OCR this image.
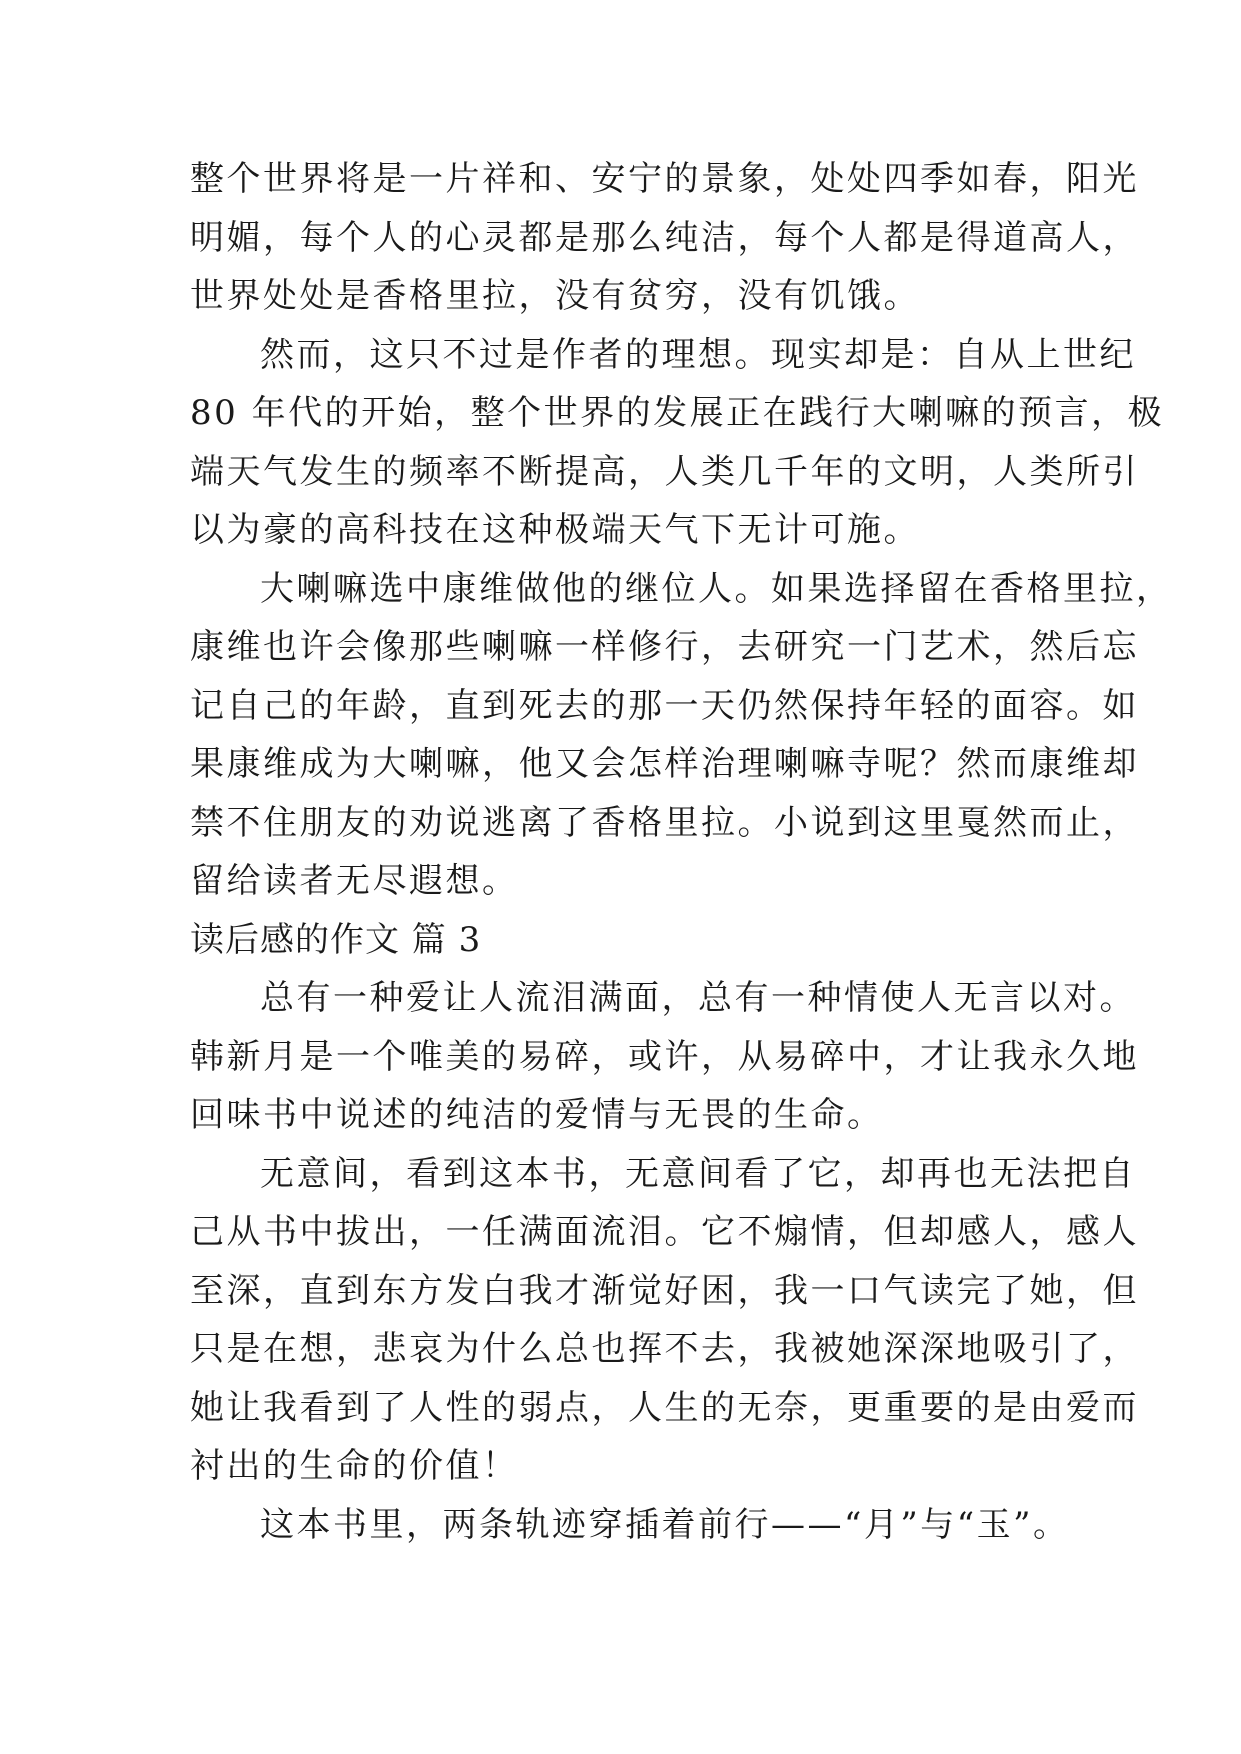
整个世界将是一片祥和、安宁的景象，处处四季如春，阳光
明媚，每个人的心灵都是那么纯洁，每个人都是得道高人，
世界处处是香格里拉，没有贫穷，没有饥饿。
然而，这只不过是作者的理想。现实却是：自从上世纪
80 年代的开始，整个世界的发展正在践行大喇嘛的预言，极
端天气发生的频率不断提高，人类几千年的文明，人类所引
以为豪的高科技在这种极端天气下无计可施。
大喇嘛选中康维做他的继位人。如果选择留在香格里拉，
康维也许会像那些喇嘛一样修行，去研究一门艺术，然后忘
记自己的年龄，直到死去的那一天仍然保持年轻的面容。如
果康维成为大喇嘛，他又会怎样治理喇嘛寺呢？然而康维却
禁不住朋友的劝说逃离了香格里拉。小说到这里戛然而止，
留给读者无尽遐想。
读后感的作文 篇 3
总有一种爱让人流泪满面，总有一种情使人无言以对。
韩新月是一个唯美的易碎，或许，从易碎中，才让我永久地
回味书中说述的纯洁的爱情与无畏的生命。
无意间，看到这本书，无意间看了它，却再也无法把自
己从书中拔出，一任满面流泪。它不煽情，但却感人，感人
至深，直到东方发白我才渐觉好困，我一口气读完了她，但
只是在想，悲哀为什么总也挥不去，我被她深深地吸引了，
她让我看到了人性的弱点，人生的无奈，更重要的是由爱而
衬出的生命的价值！
这本书里，两条轨迹穿插着前行——“月”与“玉”。
